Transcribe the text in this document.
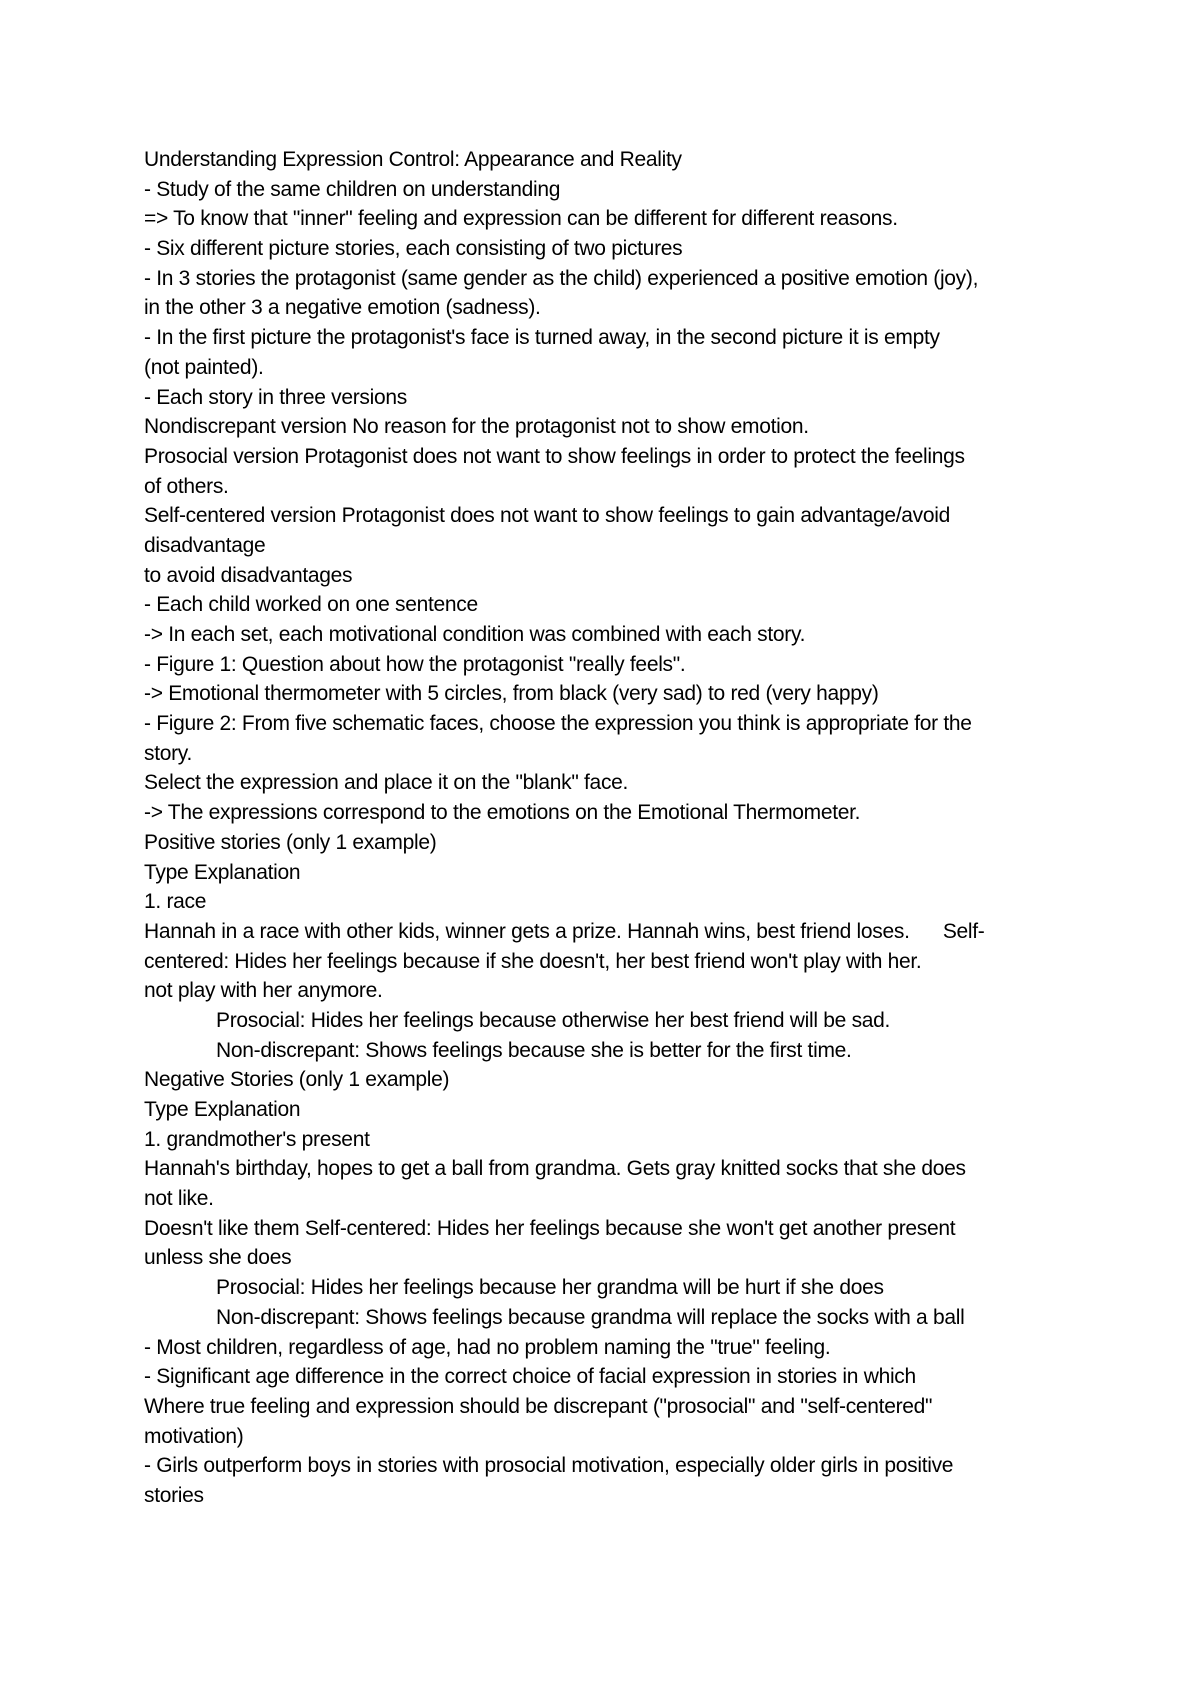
Understanding Expression Control: Appearance and Reality
- Study of the same children on understanding
=> To know that "inner" feeling and expression can be different for different reasons.
- Six different picture stories, each consisting of two pictures
- In 3 stories the protagonist (same gender as the child) experienced a positive emotion (joy),
in the other 3 a negative emotion (sadness).
- In the first picture the protagonist's face is turned away, in the second picture it is empty
(not painted).
- Each story in three versions
Nondiscrepant version No reason for the protagonist not to show emotion.
Prosocial version Protagonist does not want to show feelings in order to protect the feelings
of others.
Self-centered version Protagonist does not want to show feelings to gain advantage/avoid
disadvantage
to avoid disadvantages
- Each child worked on one sentence
-> In each set, each motivational condition was combined with each story.
- Figure 1: Question about how the protagonist "really feels".
-> Emotional thermometer with 5 circles, from black (very sad) to red (very happy)
- Figure 2: From five schematic faces, choose the expression you think is appropriate for the
story.
Select the expression and place it on the "blank" face.
-> The expressions correspond to the emotions on the Emotional Thermometer.
Positive stories (only 1 example)
Type Explanation
1. race
Hannah in a race with other kids, winner gets a prize. Hannah wins, best friend loses.      Self-
centered: Hides her feelings because if she doesn't, her best friend won't play with her.
not play with her anymore.
Prosocial: Hides her feelings because otherwise her best friend will be sad.
Non-discrepant: Shows feelings because she is better for the first time.
Negative Stories (only 1 example)
Type Explanation
1. grandmother's present
Hannah's birthday, hopes to get a ball from grandma. Gets gray knitted socks that she does
not like.
Doesn't like them Self-centered: Hides her feelings because she won't get another present
unless she does
Prosocial: Hides her feelings because her grandma will be hurt if she does
Non-discrepant: Shows feelings because grandma will replace the socks with a ball
- Most children, regardless of age, had no problem naming the "true" feeling.
- Significant age difference in the correct choice of facial expression in stories in which
Where true feeling and expression should be discrepant ("prosocial" and "self-centered"
motivation)
- Girls outperform boys in stories with prosocial motivation, especially older girls in positive
stories
